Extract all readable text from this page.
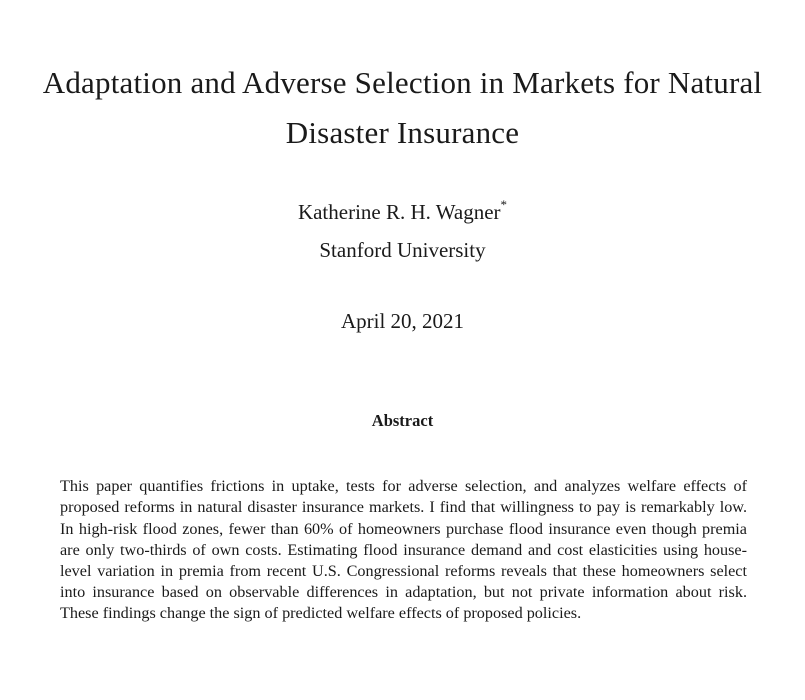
Adaptation and Adverse Selection in Markets for Natural Disaster Insurance
Katherine R. H. Wagner*
Stanford University
April 20, 2021
Abstract

This paper quantifies frictions in uptake, tests for adverse selection, and analyzes welfare effects of proposed reforms in natural disaster insurance markets. I find that willingness to pay is remarkably low. In high-risk flood zones, fewer than 60% of homeowners purchase flood insurance even though premia are only two-thirds of own costs. Estimating flood insurance demand and cost elasticities using house-level variation in premia from recent U.S. Congressional reforms reveals that these homeowners select into insurance based on observable differences in adaptation, but not private information about risk. These findings change the sign of predicted welfare effects of proposed policies.
